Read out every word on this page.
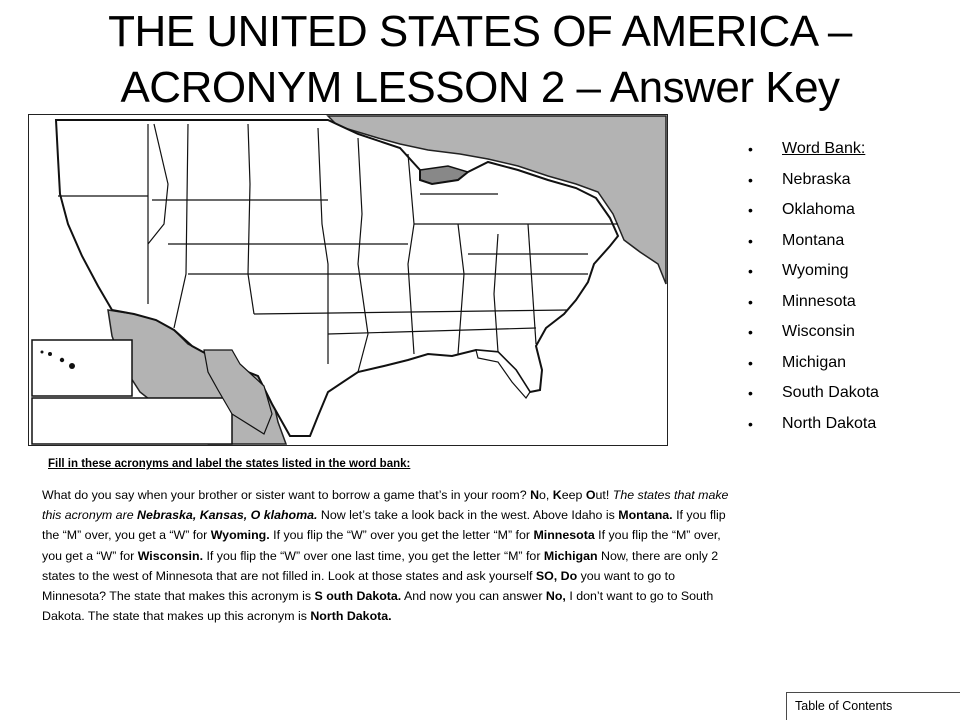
THE UNITED STATES OF AMERICA –
ACRONYM LESSON 2 – Answer Key
• Word Bank:
• Nebraska
• Oklahoma
• Montana
• Wyoming
• Minnesota
• Wisconsin
• Michigan
• South Dakota
• North Dakota
Fill in these acronyms and label the states listed in the word bank:

What do you say when your brother or sister want to borrow a game that’s in your room? No, Keep Out! The states that make this acronym are Nebraska, Kansas, O klahoma. Now let’s take a look back in the west. Above Idaho is Montana. If you flip the “M” over, you get a “W” for Wyoming. If you flip the “W” over you get the letter “M” for Minnesota If you flip the “M” over, you get a “W” for Wisconsin. If you flip the “W” over one last time, you get the letter “M” for Michigan Now, there are only 2 states to the west of Minnesota that are not filled in. Look at those states and ask yourself SO, Do you want to go to Minnesota? The state that makes this acronym is S outh Dakota. And now you can answer No, I don’t want to go to South Dakota. The state that makes up this acronym is North Dakota.

Table of Contents
